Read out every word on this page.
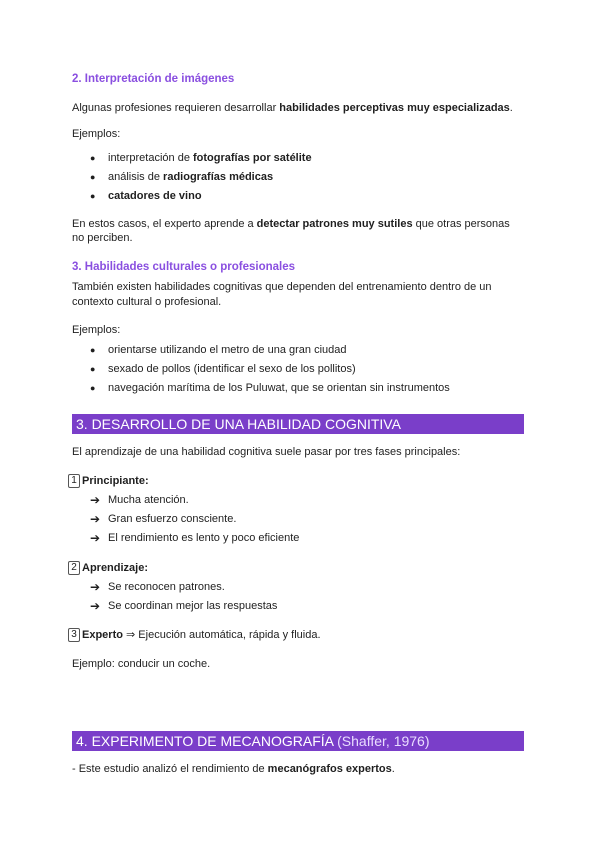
2. Interpretación de imágenes
Algunas profesiones requieren desarrollar habilidades perceptivas muy especializadas.
Ejemplos:
● interpretación de fotografías por satélite
● análisis de radiografías médicas
● catadores de vino
En estos casos, el experto aprende a detectar patrones muy sutiles que otras personas
no perciben.
3. Habilidades culturales o profesionales
También existen habilidades cognitivas que dependen del entrenamiento dentro de un
contexto cultural o profesional.
Ejemplos:
● orientarse utilizando el metro de una gran ciudad
● sexado de pollos (identificar el sexo de los pollitos)
● navegación marítima de los Puluwat, que se orientan sin instrumentos
3. DESARROLLO DE UNA HABILIDAD COGNITIVA
El aprendizaje de una habilidad cognitiva suele pasar por tres fases principales:
1 Principiante:
➔ Mucha atención.
➔ Gran esfuerzo consciente.
➔ El rendimiento es lento y poco eficiente
2 Aprendizaje:
➔ Se reconocen patrones.
➔ Se coordinan mejor las respuestas
3 Experto ⇒ Ejecución automática, rápida y fluida.
Ejemplo: conducir un coche.
4. EXPERIMENTO DE MECANOGRAFÍA (Shaffer, 1976)
- Este estudio analizó el rendimiento de mecanógrafos expertos.
